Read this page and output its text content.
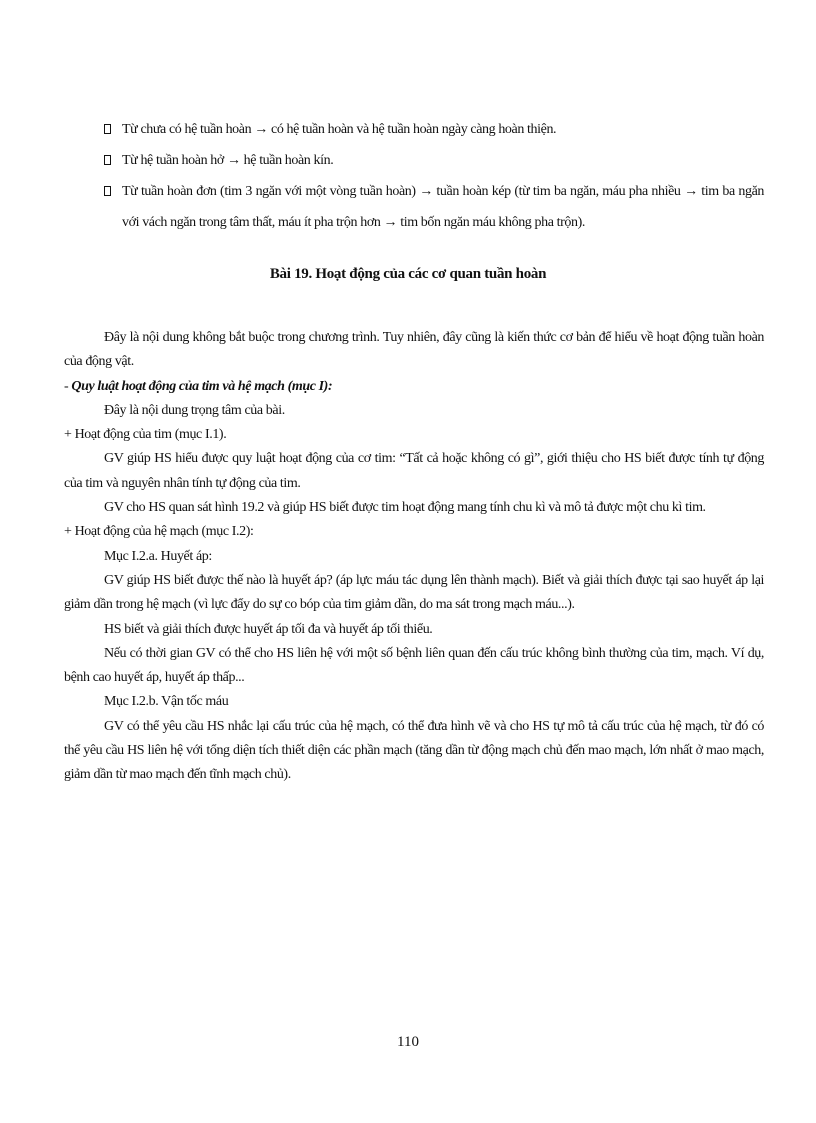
Từ chưa có hệ tuần hoàn → có hệ tuần hoàn và hệ tuần hoàn ngày càng hoàn thiện.
Từ hệ tuần hoàn hở → hệ tuần hoàn kín.
Từ tuần hoàn đơn (tim 3 ngăn với một vòng tuần hoàn) → tuần hoàn kép (từ tim ba ngăn, máu pha nhiều → tim ba ngăn với vách ngăn trong tâm thất, máu ít pha trộn hơn → tim bốn ngăn máu không pha trộn).
Bài 19. Hoạt động của các cơ quan tuần hoàn

Đây là nội dung không bắt buộc trong chương trình. Tuy nhiên, đây cũng là kiến thức cơ bản để hiểu về hoạt động tuần hoàn của động vật.

- Quy luật hoạt động của tim và hệ mạch (mục I):

Đây là nội dung trọng tâm của bài.

+ Hoạt động của tim (mục I.1).

GV giúp HS hiểu được quy luật hoạt động của cơ tim: “Tất cả hoặc không có gì”, giới thiệu cho HS biết được tính tự động của tim và nguyên nhân tính tự động của tim.

GV cho HS quan sát hình 19.2 và giúp HS biết được tim hoạt động mang tính chu kì và mô tả được một chu kì tim.

+ Hoạt động của hệ mạch (mục I.2):

Mục I.2.a. Huyết áp:

GV giúp HS biết được thế nào là huyết áp? (áp lực máu tác dụng lên thành mạch). Biết và giải thích được tại sao huyết áp lại giảm dần trong hệ mạch (vì lực đẩy do sự co bóp của tim giảm dần, do ma sát trong mạch máu...).

HS biết và giải thích được huyết áp tối đa và huyết áp tối thiểu.

Nếu có thời gian GV có thể cho HS liên hệ với một số bệnh liên quan đến cấu trúc không bình thường của tim, mạch. Ví dụ, bệnh cao huyết áp, huyết áp thấp...

Mục I.2.b. Vận tốc máu

GV có thể yêu cầu HS nhắc lại cấu trúc của hệ mạch, có thể đưa hình vẽ và cho HS tự mô tả cấu trúc của hệ mạch, từ đó có thể yêu cầu HS liên hệ với tổng diện tích thiết diện các phần mạch (tăng dần từ động mạch chủ đến mao mạch, lớn nhất ở mao mạch, giảm dần từ mao mạch đến tĩnh mạch chủ).

110
